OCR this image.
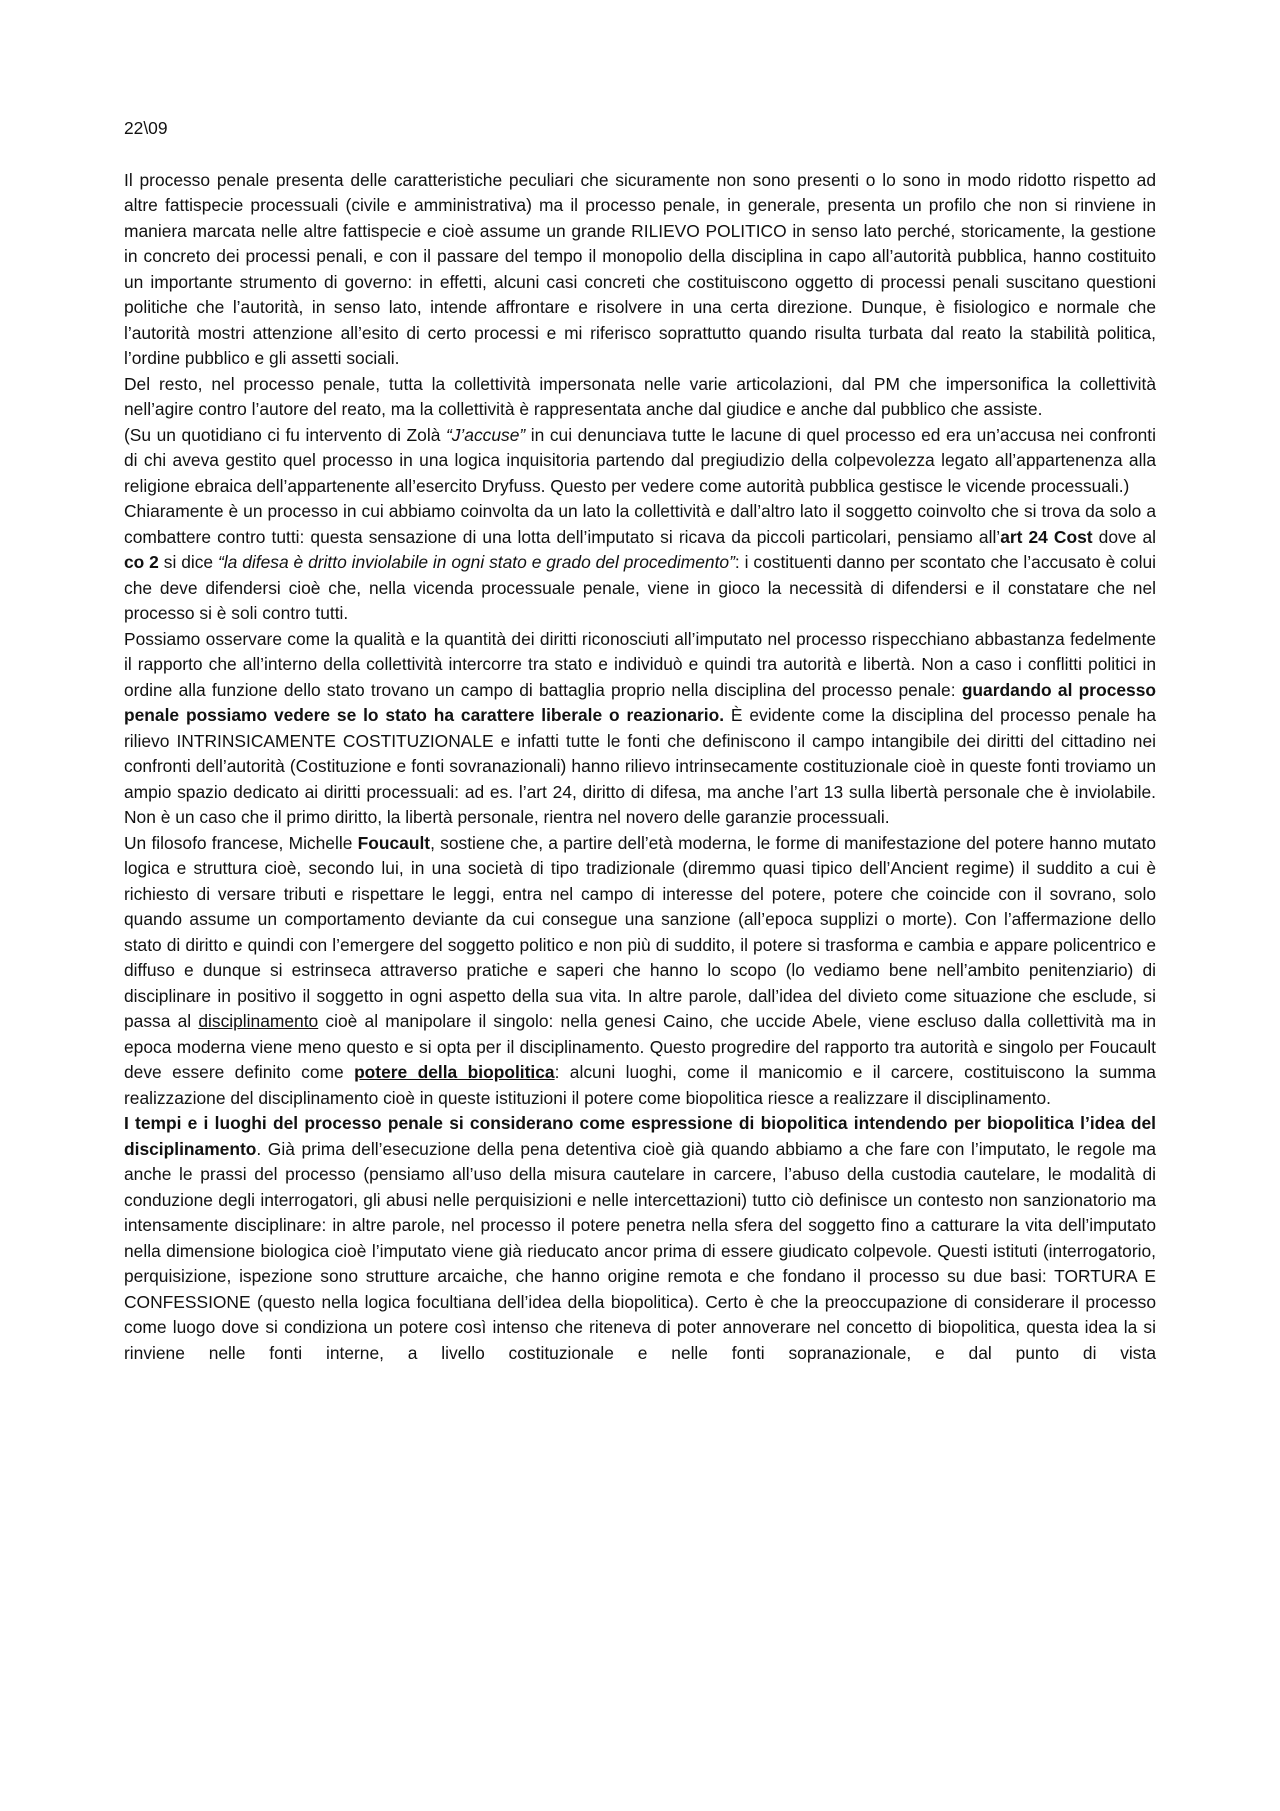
22\09

Il processo penale presenta delle caratteristiche peculiari che sicuramente non sono presenti o lo sono in modo ridotto rispetto ad altre fattispecie processuali (civile e amministrativa) ma il processo penale, in generale, presenta un profilo che non si rinviene in maniera marcata nelle altre fattispecie e cioè assume un grande RILIEVO POLITICO in senso lato perché, storicamente, la gestione in concreto dei processi penali, e con il passare del tempo il monopolio della disciplina in capo all’autorità pubblica, hanno costituito un importante strumento di governo: in effetti, alcuni casi concreti che costituiscono oggetto di processi penali suscitano questioni politiche che l’autorità, in senso lato, intende affrontare e risolvere in una certa direzione. Dunque, è fisiologico e normale che l’autorità mostri attenzione all’esito di certo processi e mi riferisco soprattutto quando risulta turbata dal reato la stabilità politica, l’ordine pubblico e gli assetti sociali.

Del resto, nel processo penale, tutta la collettività impersonata nelle varie articolazioni, dal PM che impersonifica la collettività nell’agire contro l’autore del reato, ma la collettività è rappresentata anche dal giudice e anche dal pubblico che assiste.

(Su un quotidiano ci fu intervento di Zolà “J’accuse” in cui denunciava tutte le lacune di quel processo ed era un’accusa nei confronti di chi aveva gestito quel processo in una logica inquisitoria partendo dal pregiudizio della colpevolezza legato all’appartenenza alla religione ebraica dell’appartenente all’esercito Dryfuss. Questo per vedere come autorità pubblica gestisce le vicende processuali.)

Chiaramente è un processo in cui abbiamo coinvolta da un lato la collettività e dall’altro lato il soggetto coinvolto che si trova da solo a combattere contro tutti: questa sensazione di una lotta dell’imputato si ricava da piccoli particolari, pensiamo all’art 24 Cost dove al co 2 si dice “la difesa è dritto inviolabile in ogni stato e grado del procedimento”: i costituenti danno per scontato che l’accusato è colui che deve difendersi cioè che, nella vicenda processuale penale, viene in gioco la necessità di difendersi e il constatare che nel processo si è soli contro tutti.

Possiamo osservare come la qualità e la quantità dei diritti riconosciuti all’imputato nel processo rispecchiano abbastanza fedelmente il rapporto che all’interno della collettività intercorre tra stato e individuò e quindi tra autorità e libertà. Non a caso i conflitti politici in ordine alla funzione dello stato trovano un campo di battaglia proprio nella disciplina del processo penale: guardando al processo penale possiamo vedere se lo stato ha carattere liberale o reazionario. È evidente come la disciplina del processo penale ha rilievo INTRINSICAMENTE COSTITUZIONALE e infatti tutte le fonti che definiscono il campo intangibile dei diritti del cittadino nei confronti dell’autorità (Costituzione e fonti sovranazionali) hanno rilievo intrinsecamente costituzionale cioè in queste fonti troviamo un ampio spazio dedicato ai diritti processuali: ad es. l’art 24, diritto di difesa, ma anche l’art 13 sulla libertà personale che è inviolabile. Non è un caso che il primo diritto, la libertà personale, rientra nel novero delle garanzie processuali.

Un filosofo francese, Michelle Foucault, sostiene che, a partire dell’età moderna, le forme di manifestazione del potere hanno mutato logica e struttura cioè, secondo lui, in una società di tipo tradizionale (diremmo quasi tipico dell’Ancient regime) il suddito a cui è richiesto di versare tributi e rispettare le leggi, entra nel campo di interesse del potere, potere che coincide con il sovrano, solo quando assume un comportamento deviante da cui consegue una sanzione (all’epoca supplizi o morte). Con l’affermazione dello stato di diritto e quindi con l’emergere del soggetto politico e non più di suddito, il potere si trasforma e cambia e appare policentrico e diffuso e dunque si estrinseca attraverso pratiche e saperi che hanno lo scopo (lo vediamo bene nell’ambito penitenziario) di disciplinare in positivo il soggetto in ogni aspetto della sua vita. In altre parole, dall’idea del divieto come situazione che esclude, si passa al disciplinamento cioè al manipolare il singolo: nella genesi Caino, che uccide Abele, viene escluso dalla collettività ma in epoca moderna viene meno questo e si opta per il disciplinamento. Questo progredire del rapporto tra autorità e singolo per Foucault deve essere definito come potere della biopolitica: alcuni luoghi, come il manicomio e il carcere, costituiscono la summa realizzazione del disciplinamento cioè in queste istituzioni il potere come biopolitica riesce a realizzare il disciplinamento.

I tempi e i luoghi del processo penale si considerano come espressione di biopolitica intendendo per biopolitica l’idea del disciplinamento. Già prima dell’esecuzione della pena detentiva cioè già quando abbiamo a che fare con l’imputato, le regole ma anche le prassi del processo (pensiamo all’uso della misura cautelare in carcere, l’abuso della custodia cautelare, le modalità di conduzione degli interrogatori, gli abusi nelle perquisizioni e nelle intercettazioni) tutto ciò definisce un contesto non sanzionatorio ma intensamente disciplinare: in altre parole, nel processo il potere penetra nella sfera del soggetto fino a catturare la vita dell’imputato nella dimensione biologica cioè l’imputato viene già rieducato ancor prima di essere giudicato colpevole. Questi istituti (interrogatorio, perquisizione, ispezione sono strutture arcaiche, che hanno origine remota e che fondano il processo su due basi: TORTURA E CONFESSIONE (questo nella logica focultiana dell’idea della biopolitica). Certo è che la preoccupazione di considerare il processo come luogo dove si condiziona un potere così intenso che riteneva di poter annoverare nel concetto di biopolitica, questa idea la si rinviene nelle fonti interne, a livello costituzionale e nelle fonti sopranazionale, e dal punto di vista
